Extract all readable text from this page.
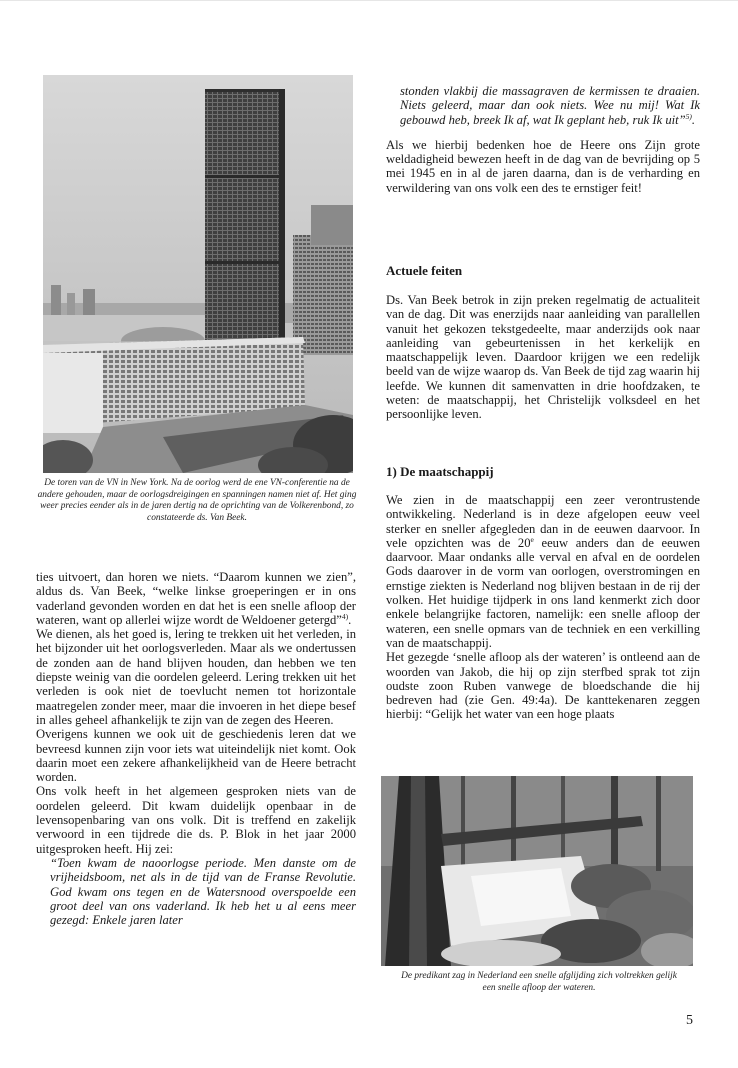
De toren van de VN in New York. Na de oorlog werd de ene VN-conferentie na de andere gehouden, maar de oorlogsdreigingen en spanningen namen niet af. Het ging weer precies eender als in de jaren dertig na de oprichting van de Volkerenbond, zo constateerde ds. Van Beek.

ties uitvoert, dan horen we niets. “Daarom kunnen we zien”, aldus ds. Van Beek, “welke linkse groeperingen er in ons vaderland gevonden worden en dat het is een snelle afloop der wateren, want op allerlei wijze wordt de Weldoener getergd”$^{4)}$.

We dienen, als het goed is, lering te trekken uit het verleden, in het bijzonder uit het oorlogsverleden. Maar als we ondertussen de zonden aan de hand blijven houden, dan hebben we ten diepste weinig van die oordelen geleerd. Lering trekken uit het verleden is ook niet de toevlucht nemen tot horizontale maatregelen zonder meer, maar die invoeren in het diepe besef in alles geheel afhankelijk te zijn van de zegen des Heeren.

Overigens kunnen we ook uit de geschiedenis leren dat we bevreesd kunnen zijn voor iets wat uiteindelijk niet komt. Ook daarin moet een zekere afhankelijkheid van de Heere betracht worden.

Ons volk heeft in het algemeen gesproken niets van de oordelen geleerd. Dit kwam duidelijk openbaar in de levensopenbaring van ons volk. Dit is treffend en zakelijk verwoord in een tijdrede die ds. P. Blok in het jaar 2000 uitgesproken heeft. Hij zei:

“Toen kwam de naoorlogse periode. Men danste om de vrijheidsboom, net als in de tijd van de Franse Revolutie. God kwam ons tegen en de Watersnood overspoelde een groot deel van ons vaderland. Ik heb het u al eens meer gezegd: Enkele jaren later

stonden vlakbij die massagraven de kermissen te draaien. Niets geleerd, maar dan ook niets. Wee nu mij! Wat Ik gebouwd heb, breek Ik af, wat Ik geplant heb, ruk Ik uit”$^{5)}$.

Als we hierbij bedenken hoe de Heere ons Zijn grote weldadigheid bewezen heeft in de dag van de bevrijding op 5 mei 1945 en in al de jaren daarna, dan is de verharding en verwildering van ons volk een des te ernstiger feit!

Actuele feiten

Ds. Van Beek betrok in zijn preken regelmatig de actualiteit van de dag. Dit was enerzijds naar aanleiding van parallellen vanuit het gekozen tekstgedeelte, maar anderzijds ook naar aanleiding van gebeurtenissen in het kerkelijk en maatschappelijk leven. Daardoor krijgen we een redelijk beeld van de wijze waarop ds. Van Beek de tijd zag waarin hij leefde. We kunnen dit samenvatten in drie hoofdzaken, te weten: de maatschappij, het Christelijk volksdeel en het persoonlijke leven.

1) De maatschappij

We zien in de maatschappij een zeer verontrustende ontwikkeling. Nederland is in deze afgelopen eeuw veel sterker en sneller afgegleden dan in de eeuwen daarvoor. In vele opzichten was de 20e eeuw anders dan de eeuwen daarvoor. Maar ondanks alle verval en afval en de oordelen Gods daarover in de vorm van oorlogen, overstromingen en ernstige ziekten is Nederland nog blijven bestaan in de rij der volken. Het huidige tijdperk in ons land kenmerkt zich door enkele belangrijke factoren, namelijk: een snelle afloop der wateren, een snelle opmars van de techniek en een verkilling van de maatschappij.

Het gezegde ‘snelle afloop als der wateren’ is ontleend aan de woorden van Jakob, die hij op zijn sterfbed sprak tot zijn oudste zoon Ruben vanwege de bloedschande die hij bedreven had (zie Gen. 49:4a). De kanttekenaren zeggen hierbij: “Gelijk het water van een hoge plaats

De predikant zag in Nederland een snelle afglijding zich voltrekken gelijk een snelle afloop der wateren.
5
